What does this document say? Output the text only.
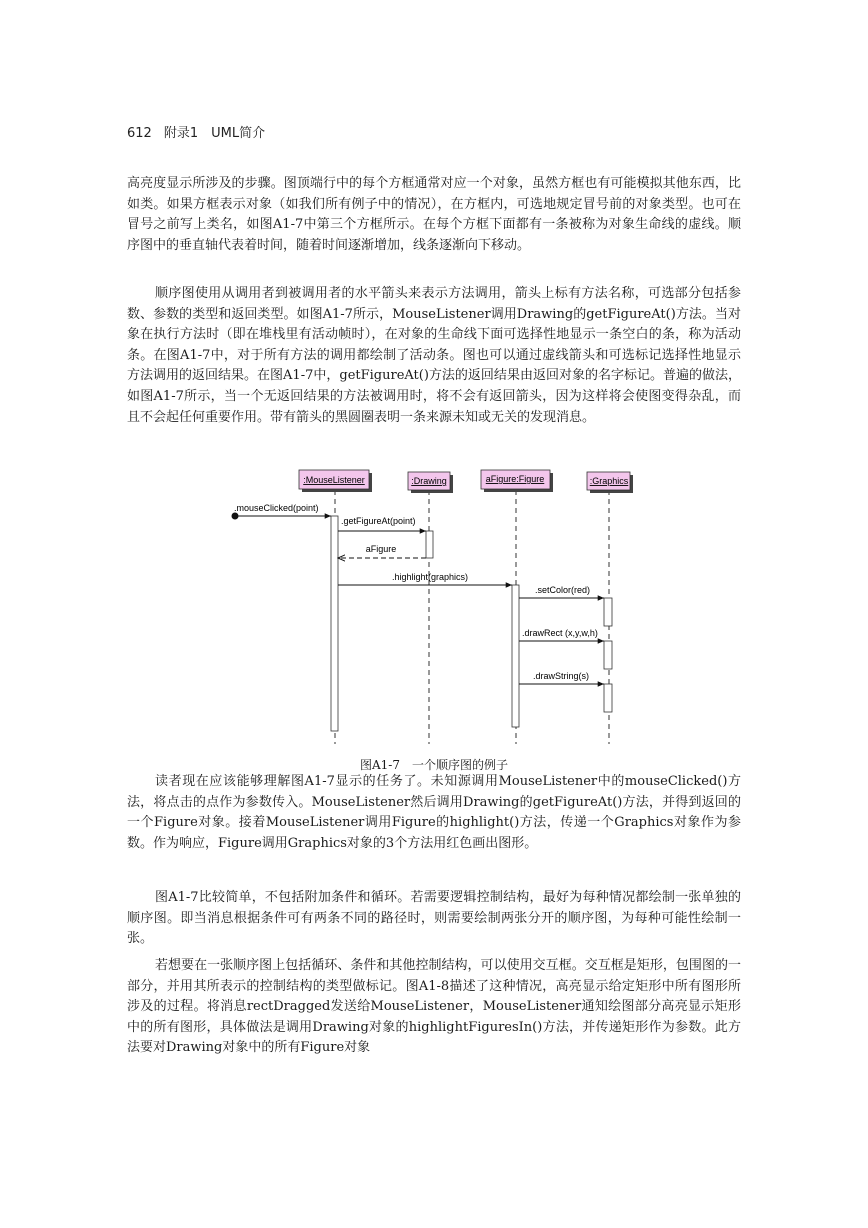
612 附录1　UML简介

高亮度显示所涉及的步骤。图顶端行中的每个方框通常对应一个对象，虽然方框也有可能模拟其他东西，比如类。如果方框表示对象（如我们所有例子中的情况），在方框内，可选地规定冒号前的对象类型。也可在冒号之前写上类名，如图A1-7中第三个方框所示。在每个方框下面都有一条被称为对象生命线的虚线。顺序图中的垂直轴代表着时间，随着时间逐渐增加，线条逐渐向下移动。

顺序图使用从调用者到被调用者的水平箭头来表示方法调用，箭头上标有方法名称，可选部分包括参数、参数的类型和返回类型。如图A1-7所示，MouseListener调用Drawing的getFigureAt()方法。当对象在执行方法时（即在堆栈里有活动帧时），在对象的生命线下面可选择性地显示一条空白的条，称为活动条。在图A1-7中，对于所有方法的调用都绘制了活动条。图也可以通过虚线箭头和可选标记选择性地显示方法调用的返回结果。在图A1-7中，getFigureAt()方法的返回结果由返回对象的名字标记。普遍的做法，如图A1-7所示，当一个无返回结果的方法被调用时，将不会有返回箭头，因为这样将会使图变得杂乱，而且不会起任何重要作用。带有箭头的黑圆圈表明一条来源未知或无关的发现消息。

:MouseListener	:Drawing	aFigure:Figure	:Graphics
.mouseClicked(point)
.getFigureAt(point)
aFigure
.highlight(graphics)
.setColor(red)
.drawRect (x,y,w,h)
.drawString(s)
图A1-7 一个顺序图的例子

读者现在应该能够理解图A1-7显示的任务了。未知源调用MouseListener中的mouseClicked()方法，将点击的点作为参数传入。MouseListener然后调用Drawing的getFigureAt()方法，并得到返回的一个Figure对象。接着MouseListener调用Figure的highlight()方法，传递一个Graphics对象作为参数。作为响应，Figure调用Graphics对象的3个方法用红色画出图形。

图A1-7比较简单，不包括附加条件和循环。若需要逻辑控制结构，最好为每种情况都绘制一张单独的顺序图。即当消息根据条件可有两条不同的路径时，则需要绘制两张分开的顺序图，为每种可能性绘制一张。

若想要在一张顺序图上包括循环、条件和其他控制结构，可以使用交互框。交互框是矩形，包围图的一部分，并用其所表示的控制结构的类型做标记。图A1-8描述了这种情况，高亮显示给定矩形中所有图形所涉及的过程。将消息rectDragged发送给MouseListener，MouseListener通知绘图部分高亮显示矩形中的所有图形，具体做法是调用Drawing对象的highlightFiguresIn()方法，并传递矩形作为参数。此方法要对Drawing对象中的所有Figure对象
